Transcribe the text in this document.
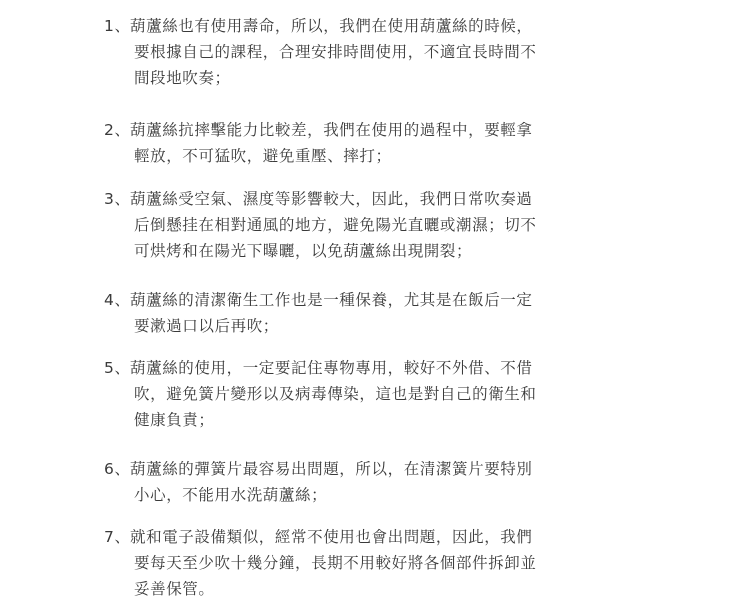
1、 葫蘆絲也有使用壽命，所以，我們在使用葫蘆絲的時候，
要根據自己的課程，合理安排時間使用，不適宜長時間不
間段地吹奏；
2、 葫蘆絲抗摔擊能力比較差，我們在使用的過程中，要輕拿
輕放，不可猛吹，避免重壓、摔打；
3、 葫蘆絲受空氣、濕度等影響較大，因此，我們日常吹奏過
后倒懸挂在相對通風的地方，避免陽光直曬或潮濕；切不
可烘烤和在陽光下曝曬，以免葫蘆絲出現開裂；
4、 葫蘆絲的清潔衛生工作也是一種保養，尤其是在飯后一定
要漱過口以后再吹；
5、 葫蘆絲的使用，一定要記住專物專用，較好不外借、不借
吹，避免簧片變形以及病毒傳染，這也是對自己的衛生和
健康負責；
6、 葫蘆絲的彈簧片最容易出問題，所以，在清潔簧片要特別
小心，不能用水洗葫蘆絲；
7、 就和電子設備類似，經常不使用也會出問題，因此，我們
要每天至少吹十幾分鐘，長期不用較好將各個部件拆卸並
妥善保管。
